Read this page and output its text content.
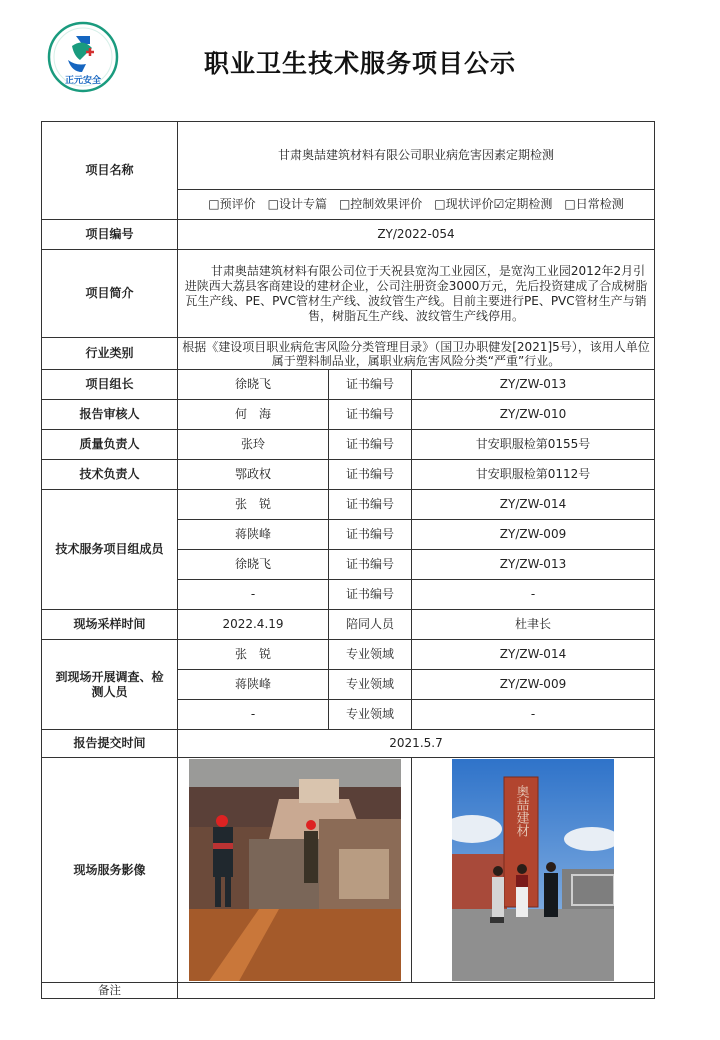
正元安全
职业卫生技术服务项目公示
项目名称	甘肃奥喆建筑材料有限公司职业病危害因素定期检测		
	□预评价　□设计专篇　□控制效果评价　□现状评价☑定期检测　□日常检测		
项目编号	ZY/2022-054		
项目简介	甘肃奥喆建筑材料有限公司位于天祝县宽沟工业园区，是宽沟工业园2012年2月引进陕西大荔县客商建设的建材企业，公司注册资金3000万元，先后投资建成了合成树脂瓦生产线、PE、PVC管材生产线、波纹管生产线。目前主要进行PE、PVC管材生产与销售，树脂瓦生产线、波纹管生产线停用。		
行业类别	根据《建设项目职业病危害风险分类管理目录》（国卫办职健发[2021]5号），该用人单位属于塑料制品业，属职业病危害风险分类“严重”行业。		
项目组长	徐晓飞	证书编号	ZY/ZW-013
报告审核人	何　海	证书编号	ZY/ZW-010
质量负责人	张玲	证书编号	甘安职服检第0155号
技术负责人	鄂政权	证书编号	甘安职服检第0112号
技术服务项目组成员	张　锐	证书编号	ZY/ZW-014
	蒋陕峰	证书编号	ZY/ZW-009
	徐晓飞	证书编号	ZY/ZW-013
	-	证书编号	-
现场采样时间	2022.4.19	陪同人员	杜聿长
到现场开展调查、检测人员	张　锐	专业领域	ZY/ZW-014
	蒋陕峰	专业领域	ZY/ZW-009
	-	专业领域	-
报告提交时间	2021.5.7		
现场服务影像			奥喆建材

备注			
